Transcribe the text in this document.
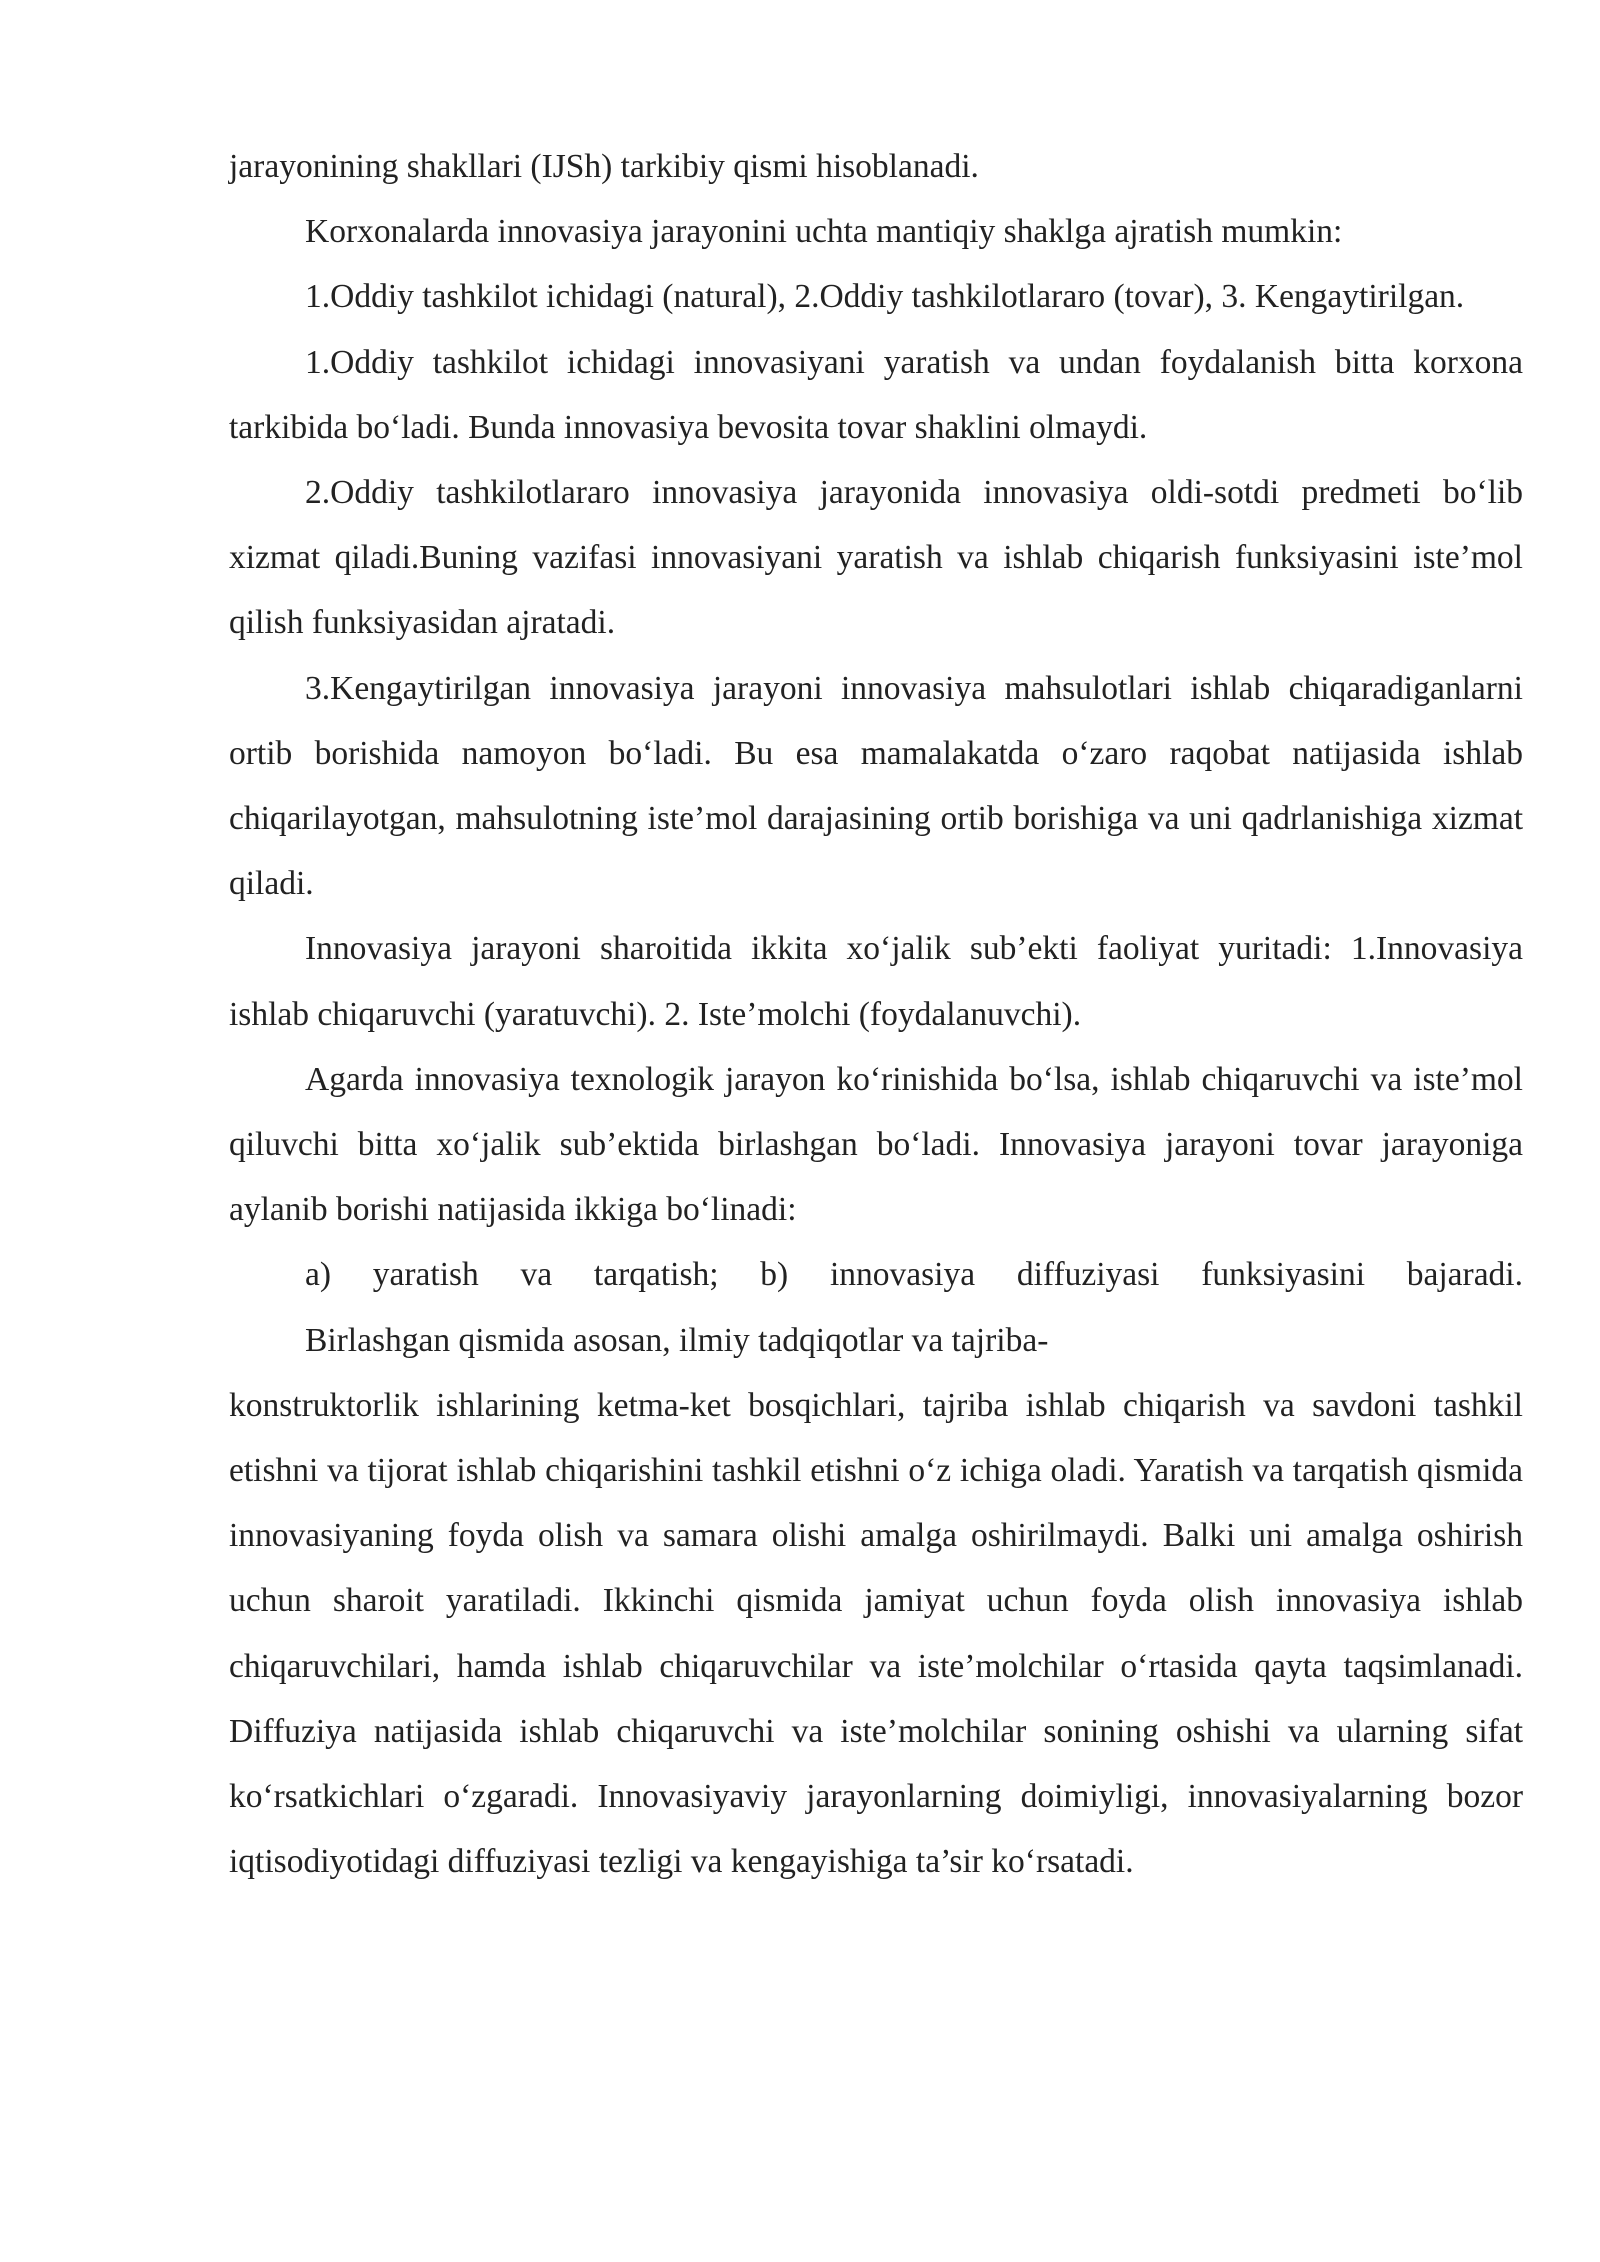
jarayonining shakllari (IJSh) tarkibiy qismi hisoblanadi.

Korxonalarda innovasiya jarayonini uchta mantiqiy shaklga ajratish mumkin:

1.Oddiy tashkilot ichidagi (natural), 2.Oddiy tashkilotlararo (tovar), 3. Kengaytirilgan.

1.Oddiy tashkilot ichidagi innovasiyani yaratish va undan foydalanish bitta korxona tarkibida bo‘ladi. Bunda innovasiya bevosita tovar shaklini olmaydi.

2.Oddiy tashkilotlararo innovasiya jarayonida innovasiya oldi-sotdi predmeti bo‘lib xizmat qiladi.Buning vazifasi innovasiyani yaratish va ishlab chiqarish funksiyasini iste’mol qilish funksiyasidan ajratadi.

3.Kengaytirilgan innovasiya jarayoni innovasiya mahsulotlari ishlab chiqaradiganlarni ortib borishida namoyon bo‘ladi. Bu esa mamalakatda o‘zaro raqobat natijasida ishlab chiqarilayotgan, mahsulotning iste’mol darajasining ortib borishiga va uni qadrlanishiga xizmat qiladi.

Innovasiya jarayoni sharoitida ikkita xo‘jalik sub’ekti faoliyat yuritadi: 1.Innovasiya ishlab chiqaruvchi (yaratuvchi). 2. Iste’molchi (foydalanuvchi).

Agarda innovasiya texnologik jarayon ko‘rinishida bo‘lsa, ishlab chiqaruvchi va iste’mol qiluvchi bitta xo‘jalik sub’ektida birlashgan bo‘ladi. Innovasiya jarayoni tovar jarayoniga aylanib borishi natijasida ikkiga bo‘linadi:

a) yaratish va tarqatish; b) innovasiya diffuziyasi funksiyasini bajaradi.

Birlashgan qismida asosan, ilmiy tadqiqotlar va tajriba-

konstruktorlik ishlarining ketma-ket bosqichlari, tajriba ishlab chiqarish va savdoni tashkil etishni va tijorat ishlab chiqarishini tashkil etishni o‘z ichiga oladi. Yaratish va tarqatish qismida innovasiyaning foyda olish va samara olishi amalga oshirilmaydi. Balki uni amalga oshirish uchun sharoit yaratiladi. Ikkinchi qismida jamiyat uchun foyda olish innovasiya ishlab chiqaruvchilari, hamda ishlab chiqaruvchilar va iste’molchilar o‘rtasida qayta taqsimlanadi. Diffuziya natijasida ishlab chiqaruvchi va iste’molchilar sonining oshishi va ularning sifat ko‘rsatkichlari o‘zgaradi. Innovasiyaviy jarayonlarning doimiyligi, innovasiyalarning bozor iqtisodiyotidagi diffuziyasi tezligi va kengayishiga ta’sir ko‘rsatadi.
